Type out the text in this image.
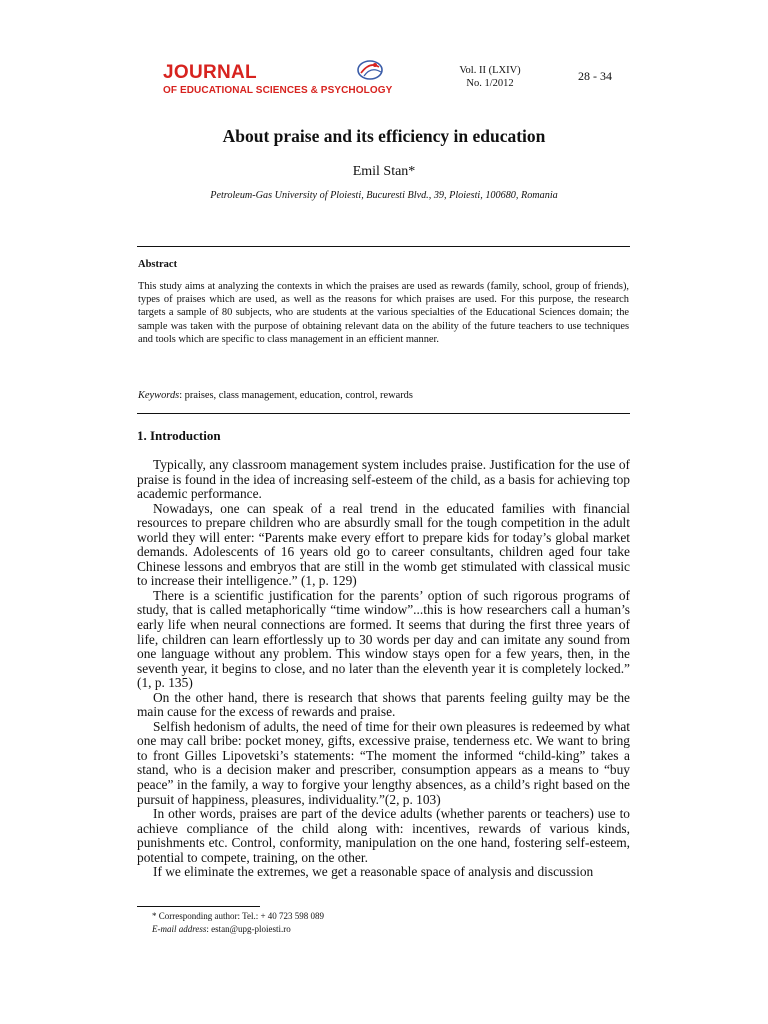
JOURNAL
OF EDUCATIONAL SCIENCES & PSYCHOLOGY
Vol. II (LXIV)
No. 1/2012
28 - 34
About praise and its efficiency in education
Emil Stan*
Petroleum-Gas University of Ploiesti, Bucuresti Blvd., 39, Ploiesti, 100680, Romania
Abstract
This study aims at analyzing the contexts in which the praises are used as rewards (family, school, group of friends), types of praises which are used, as well as the reasons for which praises are used. For this purpose, the research targets a sample of 80 subjects, who are students at the various specialties of the Educational Sciences domain; the sample was taken with the purpose of obtaining relevant data on the ability of the future teachers to use techniques and tools which are specific to class management in an efficient manner.
Keywords: praises, class management, education, control, rewards
1. Introduction

Typically, any classroom management system includes praise. Justification for the use of praise is found in the idea of increasing self-esteem of the child, as a basis for achieving top academic performance.

Nowadays, one can speak of a real trend in the educated families with financial resources to prepare children who are absurdly small for the tough competition in the adult world they will enter: “Parents make every effort to prepare kids for today’s global market demands. Adolescents of 16 years old go to career consultants, children aged four take Chinese lessons and embryos that are still in the womb get stimulated with classical music to increase their intelligence.” (1, p. 129)

There is a scientific justification for the parents’ option of such rigorous programs of study, that is called metaphorically “time window”...this is how researchers call a human’s early life when neural connections are formed. It seems that during the first three years of life, children can learn effortlessly up to 30 words per day and can imitate any sound from one language without any problem. This window stays open for a few years, then, in the seventh year, it begins to close, and no later than the eleventh year it is completely locked.” (1, p. 135)

On the other hand, there is research that shows that parents feeling guilty may be the main cause for the excess of rewards and praise.

Selfish hedonism of adults, the need of time for their own pleasures is redeemed by what one may call bribe: pocket money, gifts, excessive praise, tenderness etc. We want to bring to front Gilles Lipovetski’s statements: “The moment the informed “child-king” takes a stand, who is a decision maker and prescriber, consumption appears as a means to “buy peace” in the family, a way to forgive your lengthy absences, as a child’s right based on the pursuit of happiness, pleasures, individuality.”(2, p. 103)

In other words, praises are part of the device adults (whether parents or teachers) use to achieve compliance of the child along with: incentives, rewards of various kinds, punishments etc. Control, conformity, manipulation on the one hand, fostering self-esteem, potential to compete, training, on the other.

If we eliminate the extremes, we get a reasonable space of analysis and discussion

* Corresponding author: Tel.: + 40 723 598 089
E-mail address: estan@upg-ploiesti.ro
